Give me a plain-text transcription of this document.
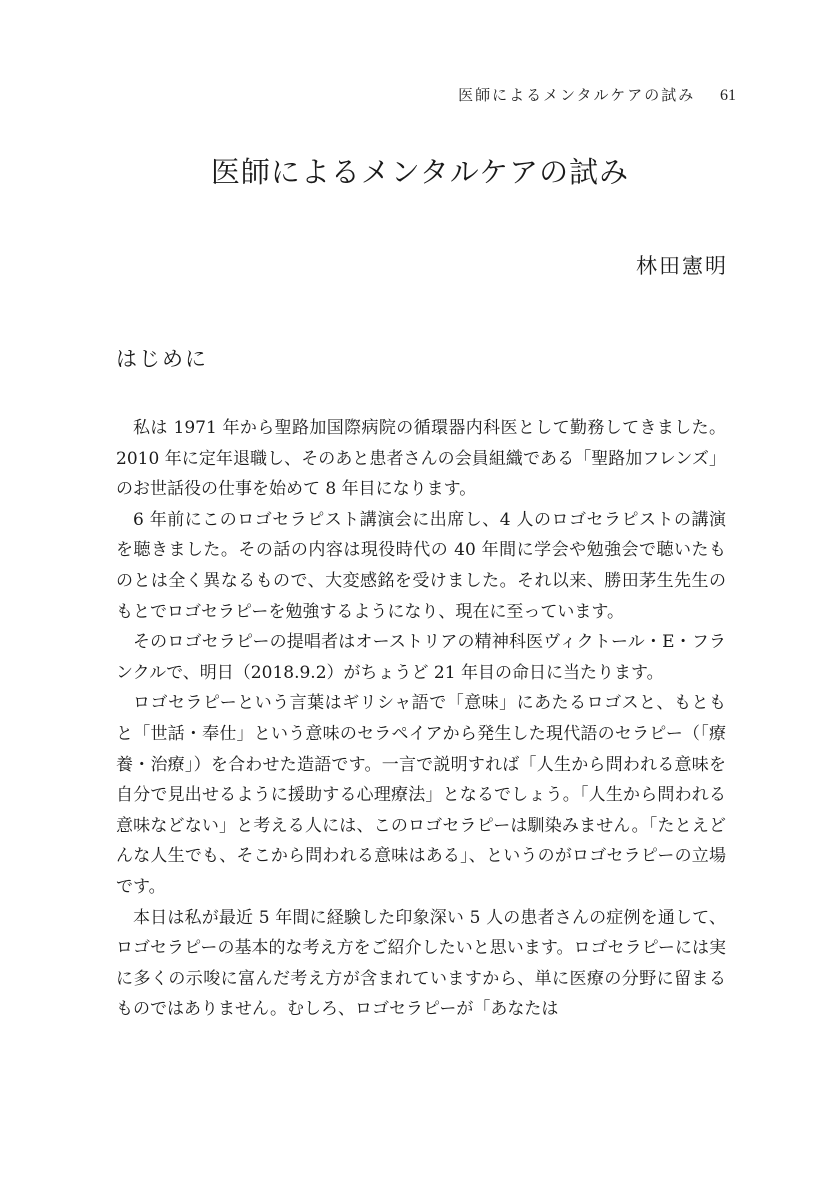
医師によるメンタルケアの試み 61
医師によるメンタルケアの試み

林田憲明

はじめに

私は 1971 年から聖路加国際病院の循環器内科医として勤務してきました。2010 年に定年退職し、そのあと患者さんの会員組織である「聖路加フレンズ」のお世話役の仕事を始めて 8 年目になります。

6 年前にこのロゴセラピスト講演会に出席し、4 人のロゴセラピストの講演を聴きました。その話の内容は現役時代の 40 年間に学会や勉強会で聴いたものとは全く異なるもので、大変感銘を受けました。それ以来、勝田茅生先生のもとでロゴセラピーを勉強するようになり、現在に至っています。

そのロゴセラピーの提唱者はオーストリアの精神科医ヴィクトール・E・フランクルで、明日（2018.9.2）がちょうど 21 年目の命日に当たります。

ロゴセラピーという言葉はギリシャ語で「意味」にあたるロゴスと、もともと「世話・奉仕」という意味のセラペイアから発生した現代語のセラピー（「療養・治療」）を合わせた造語です。一言で説明すれば「人生から問われる意味を自分で見出せるように援助する心理療法」となるでしょう。「人生から問われる意味などない」と考える人には、このロゴセラピーは馴染みません。「たとえどんな人生でも、そこから問われる意味はある」、というのがロゴセラピーの立場です。

本日は私が最近 5 年間に経験した印象深い 5 人の患者さんの症例を通して、ロゴセラピーの基本的な考え方をご紹介したいと思います。ロゴセラピーには実に多くの示唆に富んだ考え方が含まれていますから、単に医療の分野に留まるものではありません。むしろ、ロゴセラピーが「あなたは
